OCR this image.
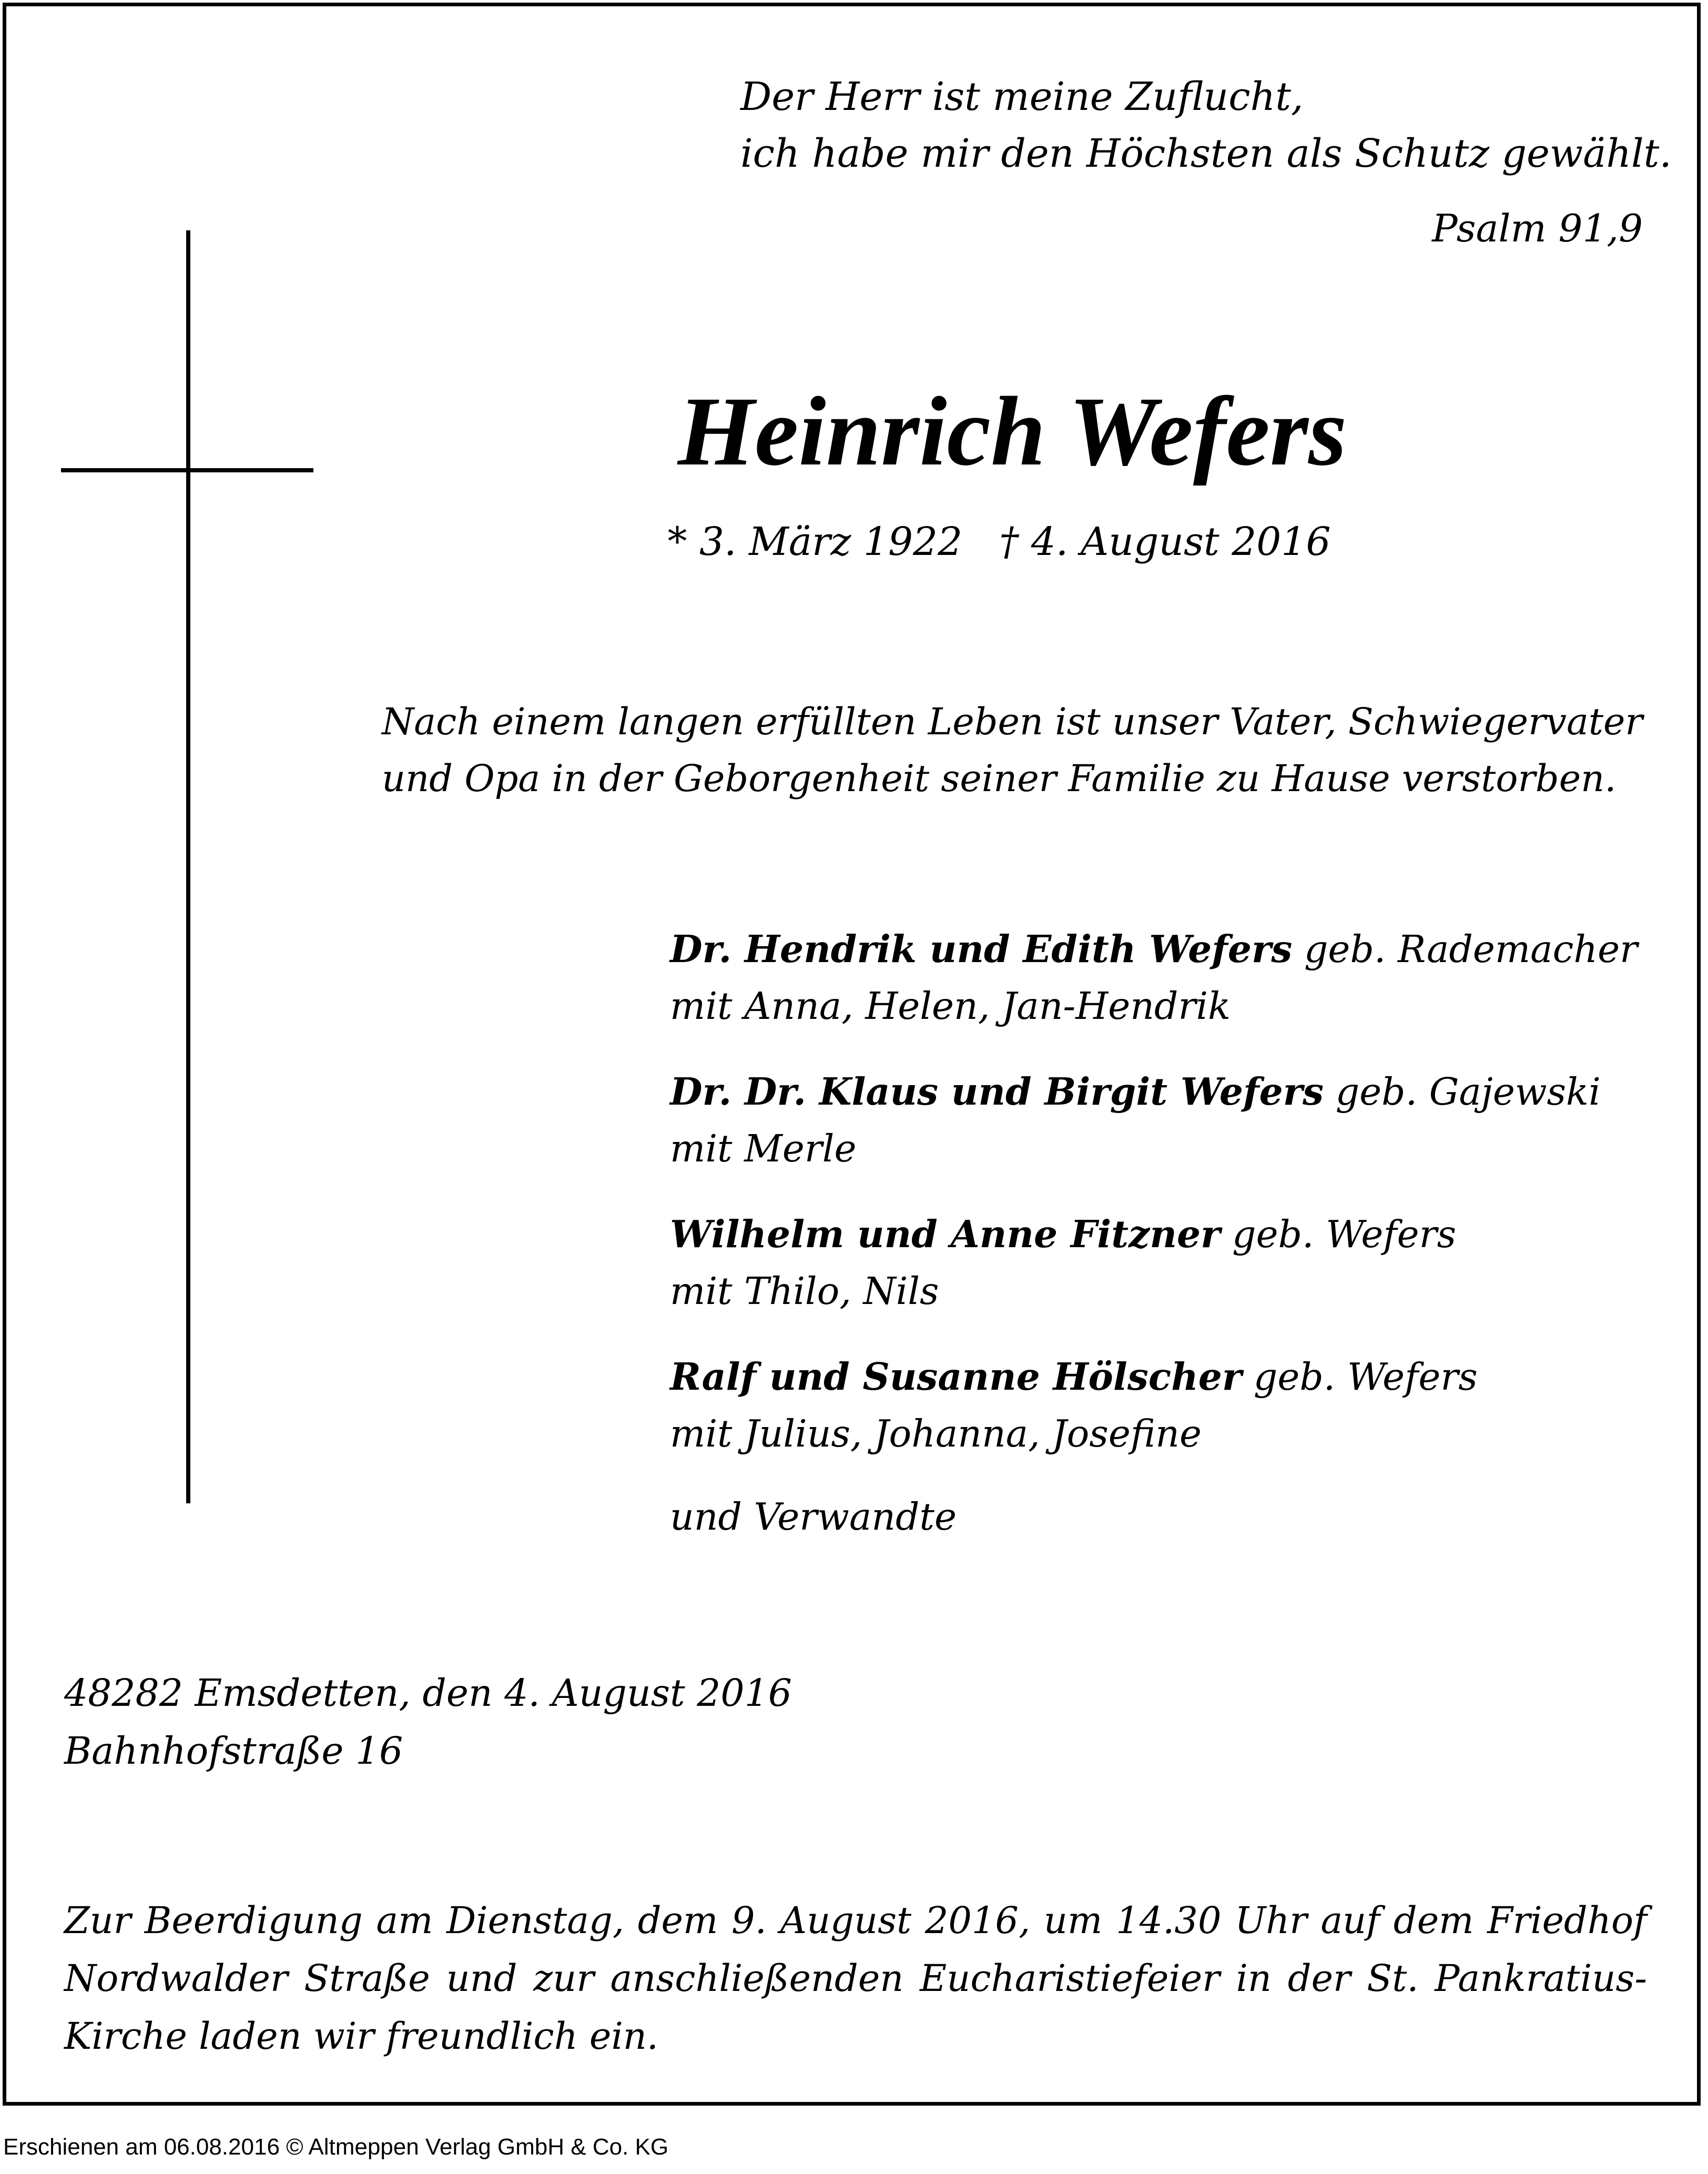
Der Herr ist meine Zuflucht,
ich habe mir den Höchsten als Schutz gewählt.

Psalm 91,9

Heinrich Wefers

* 3. März 1922 † 4. August 2016

Nach einem langen erfüllten Leben ist unser Vater, Schwiegervater
und Opa in der Geborgenheit seiner Familie zu Hause verstorben.

Dr. Hendrik und Edith Wefers geb. Rademacher
mit Anna, Helen, Jan-Hendrik
Dr. Dr. Klaus und Birgit Wefers geb. Gajewski
mit Merle
Wilhelm und Anne Fitzner geb. Wefers
mit Thilo, Nils
Ralf und Susanne Hölscher geb. Wefers
mit Julius, Johanna, Josefine

und Verwandte

48282 Emsdetten, den 4. August 2016
Bahnhofstraße 16

Zur Beerdigung am Dienstag, dem 9. August 2016, um 14.30 Uhr auf dem Friedhof
Nordwalder Straße und zur anschließenden Eucharistiefeier in der St. Pankratius-
Kirche laden wir freundlich ein.

Erschienen am 06.08.2016 © Altmeppen Verlag GmbH & Co. KG
